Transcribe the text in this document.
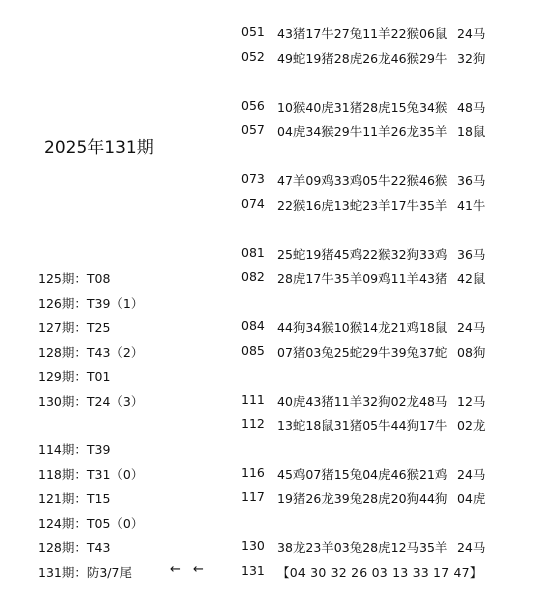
2025年131期
125期：T08
126期：T39（1）
127期：T25
128期：T43（2）
129期：T01
130期：T24（3）
114期：T39
118期：T31（0）
121期：T15
124期：T05（0）
128期：T43
131期：防3/7尾	← ←
051 43猪17牛27兔11羊22猴06鼠 24马
052 49蛇19猪28虎26龙46猴29牛 32狗
056 10猴40虎31猪28虎15兔34猴 48马
057 04虎34猴29牛11羊26龙35羊 18鼠
073 47羊09鸡33鸡05牛22猴46猴 36马
074 22猴16虎13蛇23羊17牛35羊 41牛
081 25蛇19猪45鸡22猴32狗33鸡 36马
082 28虎17牛35羊09鸡11羊43猪 42鼠
084 44狗34猴10猴14龙21鸡18鼠 24马
085 07猪03兔25蛇29牛39兔37蛇 08狗
111 40虎43猪11羊32狗02龙48马 12马
112 13蛇18鼠31猪05牛44狗17牛 02龙
116 45鸡07猪15兔04虎46猴21鸡 24马
117 19猪26龙39兔28虎20狗44狗 04虎
130 38龙23羊03兔28虎12马35羊 24马
131 【04 30 32 26 03 13 33 17 47】
